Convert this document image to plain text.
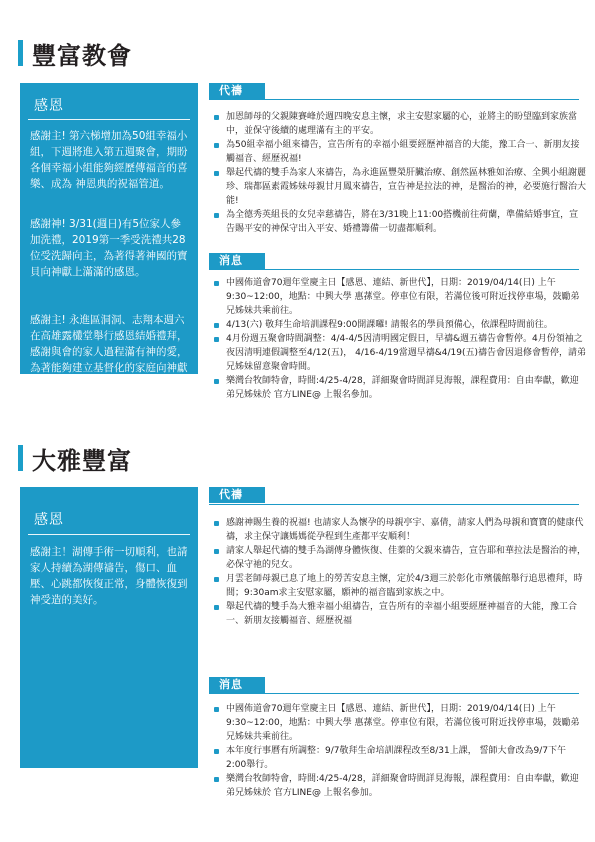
豐富教會
感恩

感謝主! 第六梯增加為50組幸福小組，下週將進入第五週聚會，期盼各個幸福小組能夠經歷傳福音的喜樂、成為 神恩典的祝福管道。

感謝神! 3/31(週日)有5位家人參加洗禮，2019第一季受洗禮共28位受洗歸向主，為著得著神國的寶貝向神獻上滿滿的感恩。

感謝主! 永進區洞洞、志翔本週六在高雄露欉堂舉行感恩結婚禮拜，感謝與會的家人過程滿有神的愛，為著能夠建立基督化的家庭向神獻上感恩。

代禱
加恩師母的父親陳賽峰於週四晚安息主懷，求主安慰家屬的心，並將主的盼望臨到家族當中，並保守後續的處理滿有主的平安。
為50組幸福小組來禱告，宣告所有的幸福小組要經歷神福音的大能，豫工合一、新朋友接觸福音、經歷祝福!
舉起代禱的雙手為家人來禱告，為永進區豐榮肝臟治療、創然區林雅如治療、全興小組謝麗珍、瑞都區素霞姊妹母親甘月鳳來禱告，宣告神是拉法的神，是醫治的神，必要施行醫治大能!
為全德秀英組長的女兒幸慈禱告，將在3/31晚上11:00搭機前往荷蘭，準備結婚事宜，宣告賜平安的神保守出入平安、婚禮籌備一切盡都順利。
消息
中國佈道會70週年堂慶主日【感恩、連結、新世代】，日期：2019/04/14(日) 上午9:30~12:00，地點：中興大學 惠蓀堂。停車位有限，若滿位後可附近找停車場，鼓勵弟兄姊妹共乘前往。
4/13(六) 敬拜生命培訓課程9:00開課囉! 請報名的學員預備心，依課程時間前往。
4月份週五聚會時間調整：4/4-4/5因清明國定假日，早禱&週五禱告會暫停。4月份領袖之夜因清明連假調整至4/12(五)， 4/16-4/19當週早禱&4/19(五)禱告會因退修會暫停，請弟兄姊妹留意聚會時間。
樂灣台牧師特會，時間:4/25-4/28，詳細聚會時間詳見海報，課程費用：自由奉獻，歡迎弟兄姊妹於 官方LINE@ 上報名參加。
大雅豐富
感恩

感謝主！湖傳手術一切順利，也請家人持續為湖傳禱告，傷口、血壓、心跳都恢復正常，身體恢復到神受造的美好。

代禱
感謝神賜生養的祝福! 也請家人為懷孕的母親亭宇、嘉倩，請家人們為母親和寶寶的健康代禱，求主保守讓媽媽從孕程到生產都平安順利！
請家人舉起代禱的雙手為湖傳身體恢復、佳蓁的父親來禱告，宣告耶和華拉法是醫治的神，必保守祂的兒女。
月雲老師母親已息了地上的勞苦安息主懷，定於4/3週三於彰化市殯儀館舉行追思禮拜，時間；9:30am求主安慰家屬，願神的福音臨到家族之中。
舉起代禱的雙手為大雅幸福小組禱告，宣告所有的幸福小組要經歷神福音的大能，豫工合一、新朋友接觸福音、經歷祝福
消息
中國佈道會70週年堂慶主日【感恩、連結、新世代】，日期：2019/04/14(日) 上午9:30~12:00，地點：中興大學 惠蓀堂。停車位有限，若滿位後可附近找停車場，鼓勵弟兄姊妹共乘前往。
本年度行事曆有所調整：9/7敬拜生命培訓課程改至8/31上課， 誓師大會改為9/7下午2:00舉行。
樂灣台牧師特會，時間:4/25-4/28，詳細聚會時間詳見海報，課程費用：自由奉獻，歡迎弟兄姊妹於 官方LINE@ 上報名參加。
